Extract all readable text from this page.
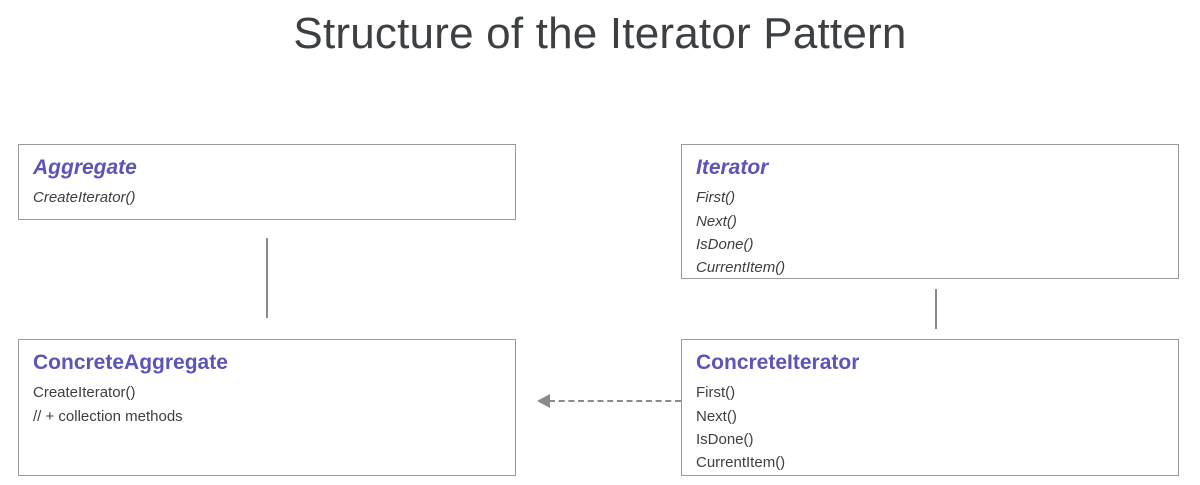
Structure of the Iterator Pattern
Aggregate
CreateIterator()
ConcreteAggregate
CreateIterator()
// + collection methods
Iterator
First()
Next()
IsDone()
CurrentItem()
ConcreteIterator
First()
Next()
IsDone()
CurrentItem()
